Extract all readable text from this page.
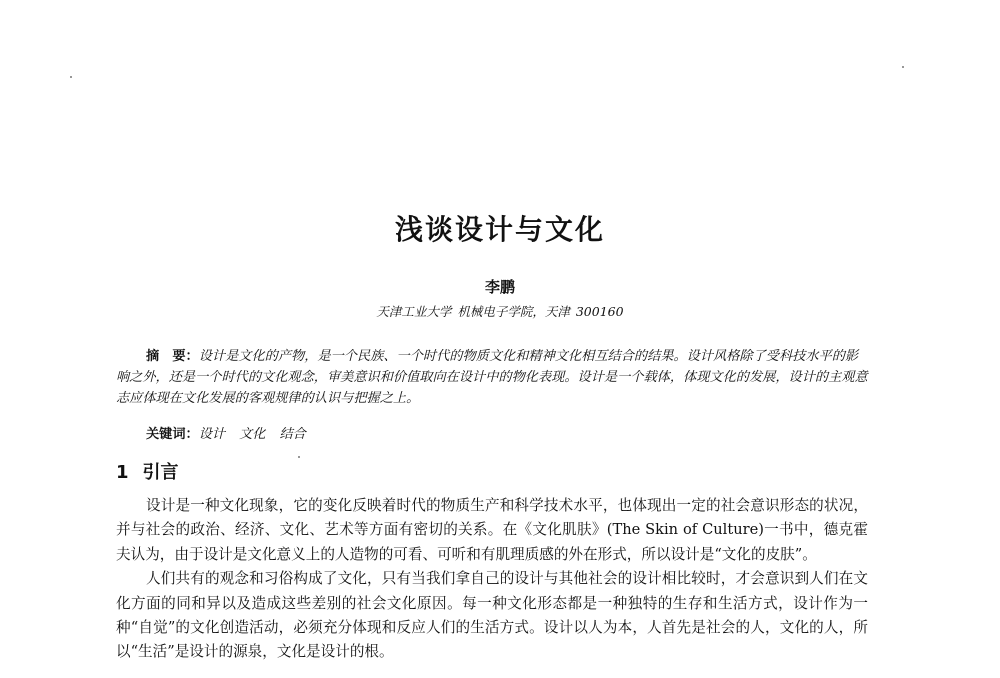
浅谈设计与文化
李鹏
天津工业大学 机械电子学院，天津 300160
摘　要：设计是文化的产物，是一个民族、一个时代的物质文化和精神文化相互结合的结果。设计风格除了受科技水平的影响之外，还是一个时代的文化观念，审美意识和价值取向在设计中的物化表现。设计是一个载体，体现文化的发展，设计的主观意志应体现在文化发展的客观规律的认识与把握之上。
关键词：设计 文化 结合
1 引言

设计是一种文化现象，它的变化反映着时代的物质生产和科学技术水平，也体现出一定的社会意识形态的状况，并与社会的政治、经济、文化、艺术等方面有密切的关系。在《文化肌肤》(The Skin of Culture)一书中，德克霍夫认为，由于设计是文化意义上的人造物的可看、可听和有肌理质感的外在形式，所以设计是“文化的皮肤”。

人们共有的观念和习俗构成了文化，只有当我们拿自己的设计与其他社会的设计相比较时，才会意识到人们在文化方面的同和异以及造成这些差别的社会文化原因。每一种文化形态都是一种独特的生存和生活方式，设计作为一种“自觉”的文化创造活动，必须充分体现和反应人们的生活方式。设计以人为本，人首先是社会的人，文化的人，所以“生活”是设计的源泉，文化是设计的根。
